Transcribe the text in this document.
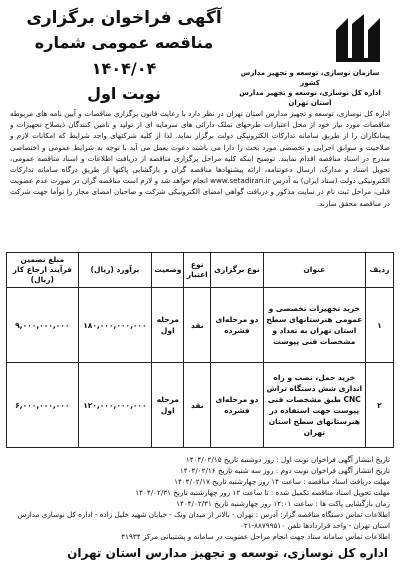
سازمان نوسازی، توسعه و تجهیز مدارس کشور
اداره کل نوسازی، توسعه و تجهیز مدارس استان تهران
آگهی فراخوان برگزاری
مناقصه عمومی شماره ۱۴۰۴/۰۴
نوبت اول
اداره کل نوسازی، توسعه و تجهیز مدارس استان تهران در نظر دارد با رعایت قانون برگزاری مناقصات و آیین نامه های مربوطه مناقصات مورد نیاز خود از محل اعتبارات طرحهای تملک دارائی های سرمایه ای از تولید و تامین کنندگان ذیصلاح تجهیزات و پیمانکاران را از طریق سامانه تدارکات الکترونیکی دولت برگزار نماید. لذا از کلیه شرکتهای واجد شرایط که امکانات لازم و صلاحیت و سوابق اجرایی و تخصصی مورد بحث را دارا می باشند دعوت بعمل می آید با توجه به شرایط عمومی و اختصاصی مندرج در اسناد مناقصه اقدام نمایند. توضیح اینکه کلیه مراحل برگزاری مناقصه از دریافت اطلاعات و اسناد مناقصه عمومی، تحویل اسناد و مدارک، ارسال دعوتنامه، ارائه پیشنهادها مناقصه گران و بازگشایی پاکتها از طریق درگاه سامانه تدارکات الکترونیکی دولت (ستاد ایران) به آدرس www.setadiran.ir انجام خواهد شد و لازم است مناقصه گران در صورت عدم عضویت قبلی، مراحل ثبت نام در سایت مذکور و دریافت گواهی امضای الکترونیکی شرکت و صاحبان امضای مجاز را توأما جهت شرکت در مناقصه محقق سازند.
ردیف	عنوان	نوع برگزاری	نوع اعتبار	وضعیت	برآورد (ریال)	مبلغ تضمین فرآیند ارجاع کار (ریال)
۱	خرید تجهیزات تخصصی و عمومی هنرستانهای سطح استان تهران به تعداد و مشخصات فنی پیوست	دو مرحله‌ای فشرده	نقد	مرحله اول	۱۸۰,۰۰۰,۰۰۰,۰۰۰	۹,۰۰۰,۰۰۰,۰۰۰
۲	خرید حمل، نصب و راه اندازی شش دستگاه تراش CNC طبق مشخصات فنی پیوست جهت استفاده در هنرستانهای سطح استان تهران	دو مرحله‌ای فشرده	نقد	مرحله اول	۱۲۰,۰۰۰,۰۰۰,۰۰۰	۶,۰۰۰,۰۰۰,۰۰۰
تاریخ انتشار آگهی فراخوان نوبت اول : روز دوشنبه تاریخ ۱۴۰۴/۰۲/۱۵
تاریخ انتشار آگهی فراخوان نوبت دوم : روز سه شنبه تاریخ ۱۴۰۴/۰۲/۱۶
مهلت دریافت اسناد مناقصه : ساعت ۱۴ روز چهارشنبه تاریخ ۱۴۰۴/۰۲/۱۷
مهلت تحویل اسناد مناقصه تکمیل شده : تا ساعت ۱۲ روز چهارشنبه تاریخ ۱۴۰۴/۰۲/۳۱
زمان بازگشایی پاکت ها : ساعت ۱۲:۰۱ روز چهارشنبه تاریخ ۱۴۰۴/۰۲/۳۱
اطلاعات تماس دستگاه مناقصه گزار: آدرس : تهران - بالاتر از میدان ونک - خیابان شهید خلیل زاده - اداره کل نوسازی مدارس استان تهران - واحد قراردادها تلفن ۸۸۷۹۹۵۱۰-۰۲۱
اطلاعات تماس سامانه ستاد جهت انجام مراحل عضویت در سامانه و پشتیبانی مرکز ۴۱۹۳۴
اداره کل نوسازی، توسعه و تجهیز مدارس استان تهران
